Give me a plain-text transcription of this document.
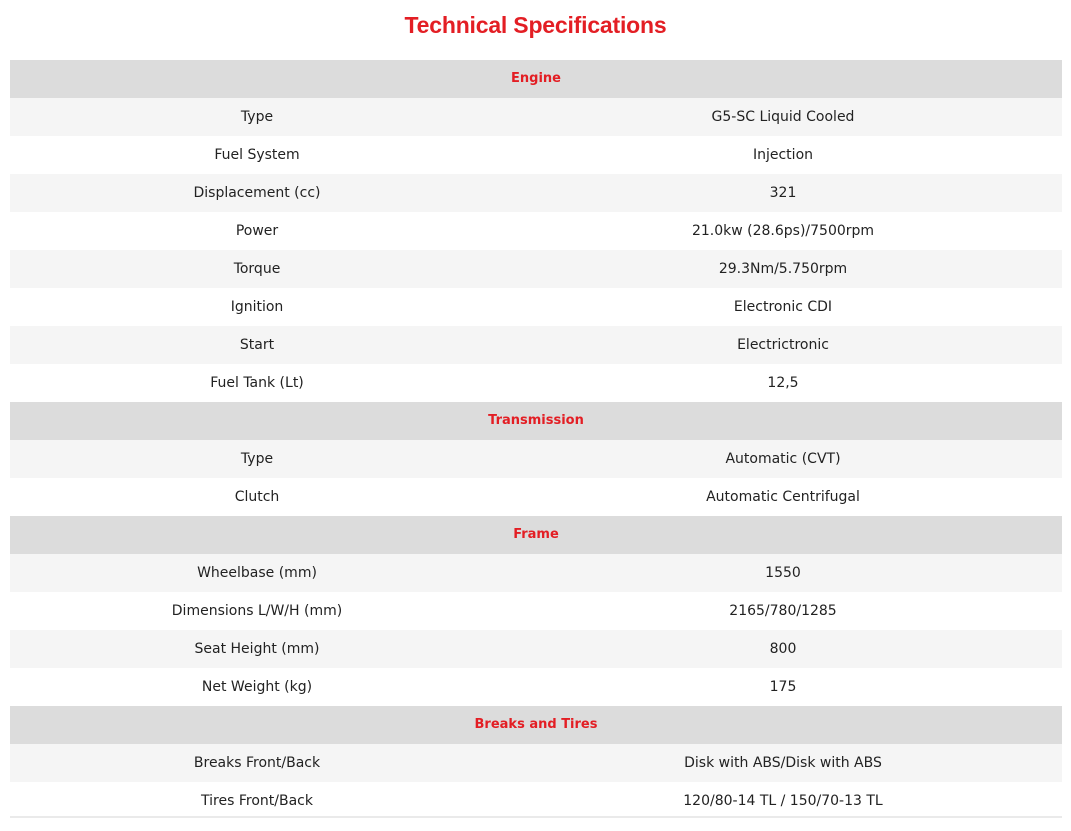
Technical Specifications
Engine
Type	G5-SC Liquid Cooled
Fuel System	Injection
Displacement (cc)	321
Power	21.0kw (28.6ps)/7500rpm
Torque	29.3Nm/5.750rpm
Ignition	Electronic CDI
Start	Electrictronic
Fuel Tank (Lt)	12,5
Transmission
Type	Automatic (CVT)
Clutch	Automatic Centrifugal
Frame
Wheelbase (mm)	1550
Dimensions L/W/H (mm)	2165/780/1285
Seat Height (mm)	800
Net Weight (kg)	175
Breaks and Tires
Breaks Front/Back	Disk with ABS/Disk with ABS
Tires Front/Back	120/80-14 TL / 150/70-13 TL
